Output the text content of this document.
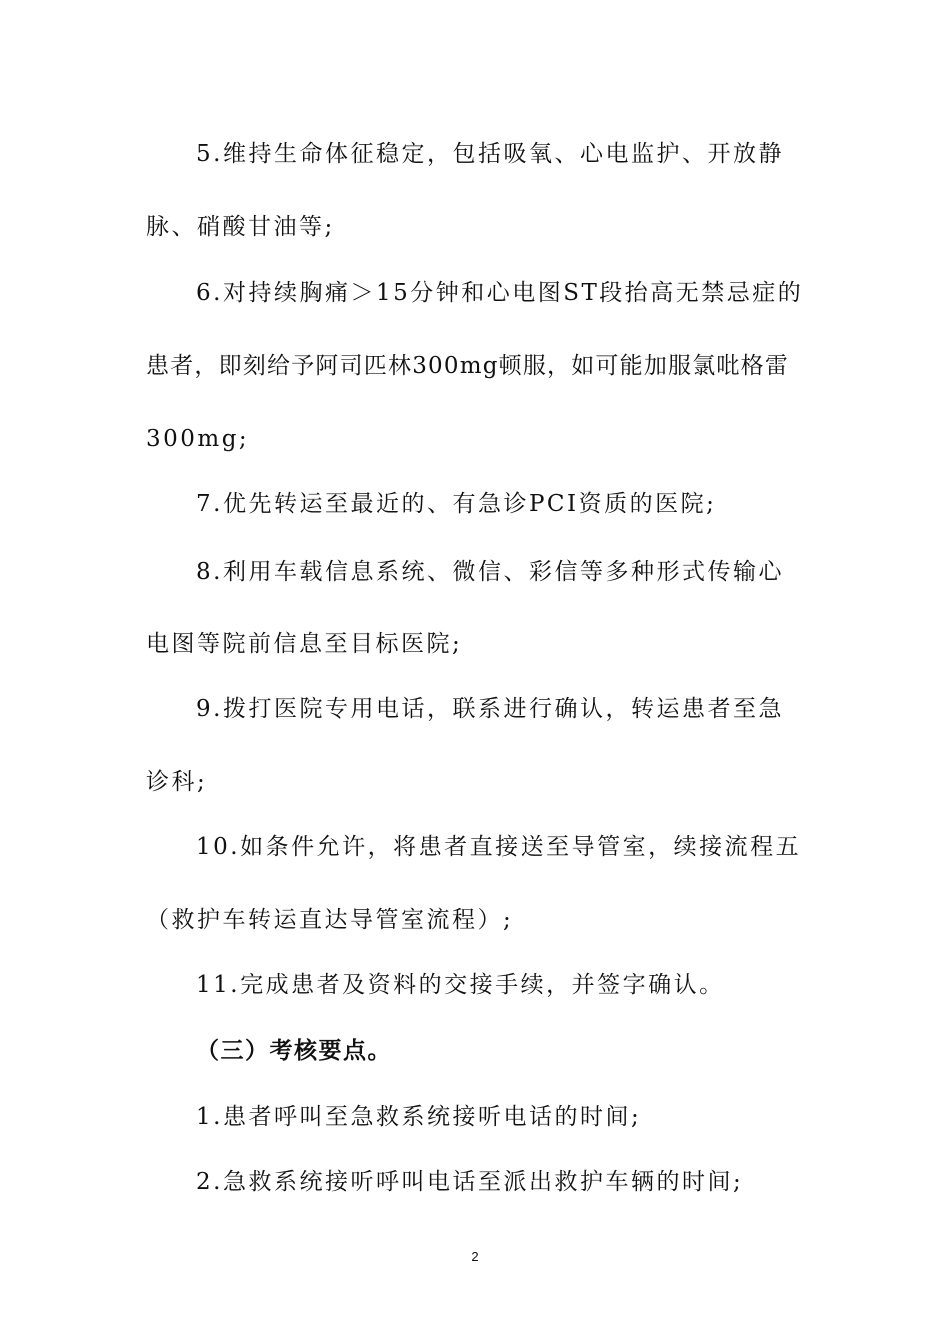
5.维持生命体征稳定，包括吸氧、心电监护、开放静
脉、硝酸甘油等;
6.对持续胸痛＞15分钟和心电图ST段抬高无禁忌症的
患者，即刻给予阿司匹林300mg顿服，如可能加服氯吡格雷
300mg;
7.优先转运至最近的、有急诊PCI资质的医院;
8.利用车载信息系统、微信、彩信等多种形式传输心
电图等院前信息至目标医院;
9.拨打医院专用电话，联系进行确认，转运患者至急
诊科;
10.如条件允许，将患者直接送至导管室，续接流程五
（救护车转运直达导管室流程）;
11.完成患者及资料的交接手续，并签字确认。
（三）考核要点。
1.患者呼叫至急救系统接听电话的时间;
2.急救系统接听呼叫电话至派出救护车辆的时间;
2
